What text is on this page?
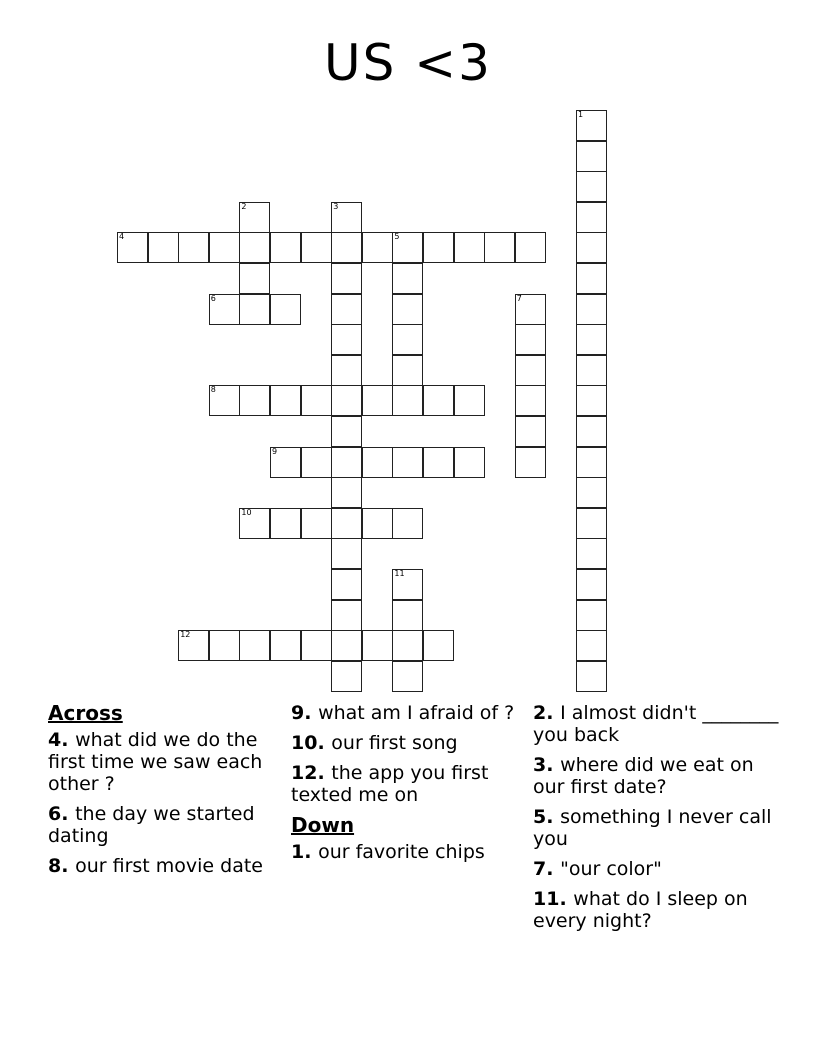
US <3
1
2	3
4	5
6	7
8
9
10
11
12
Across

4. what did we do the first time we saw each other ?

6. the day we started dating

8. our first movie date

9. what am I afraid of ?

10. our first song

12. the app you first texted me on

Down

1. our favorite chips

2. I almost didn't ________ you back

3. where did we eat on our first date?

5. something I never call you

7. "our color"

11. what do I sleep on every night?
